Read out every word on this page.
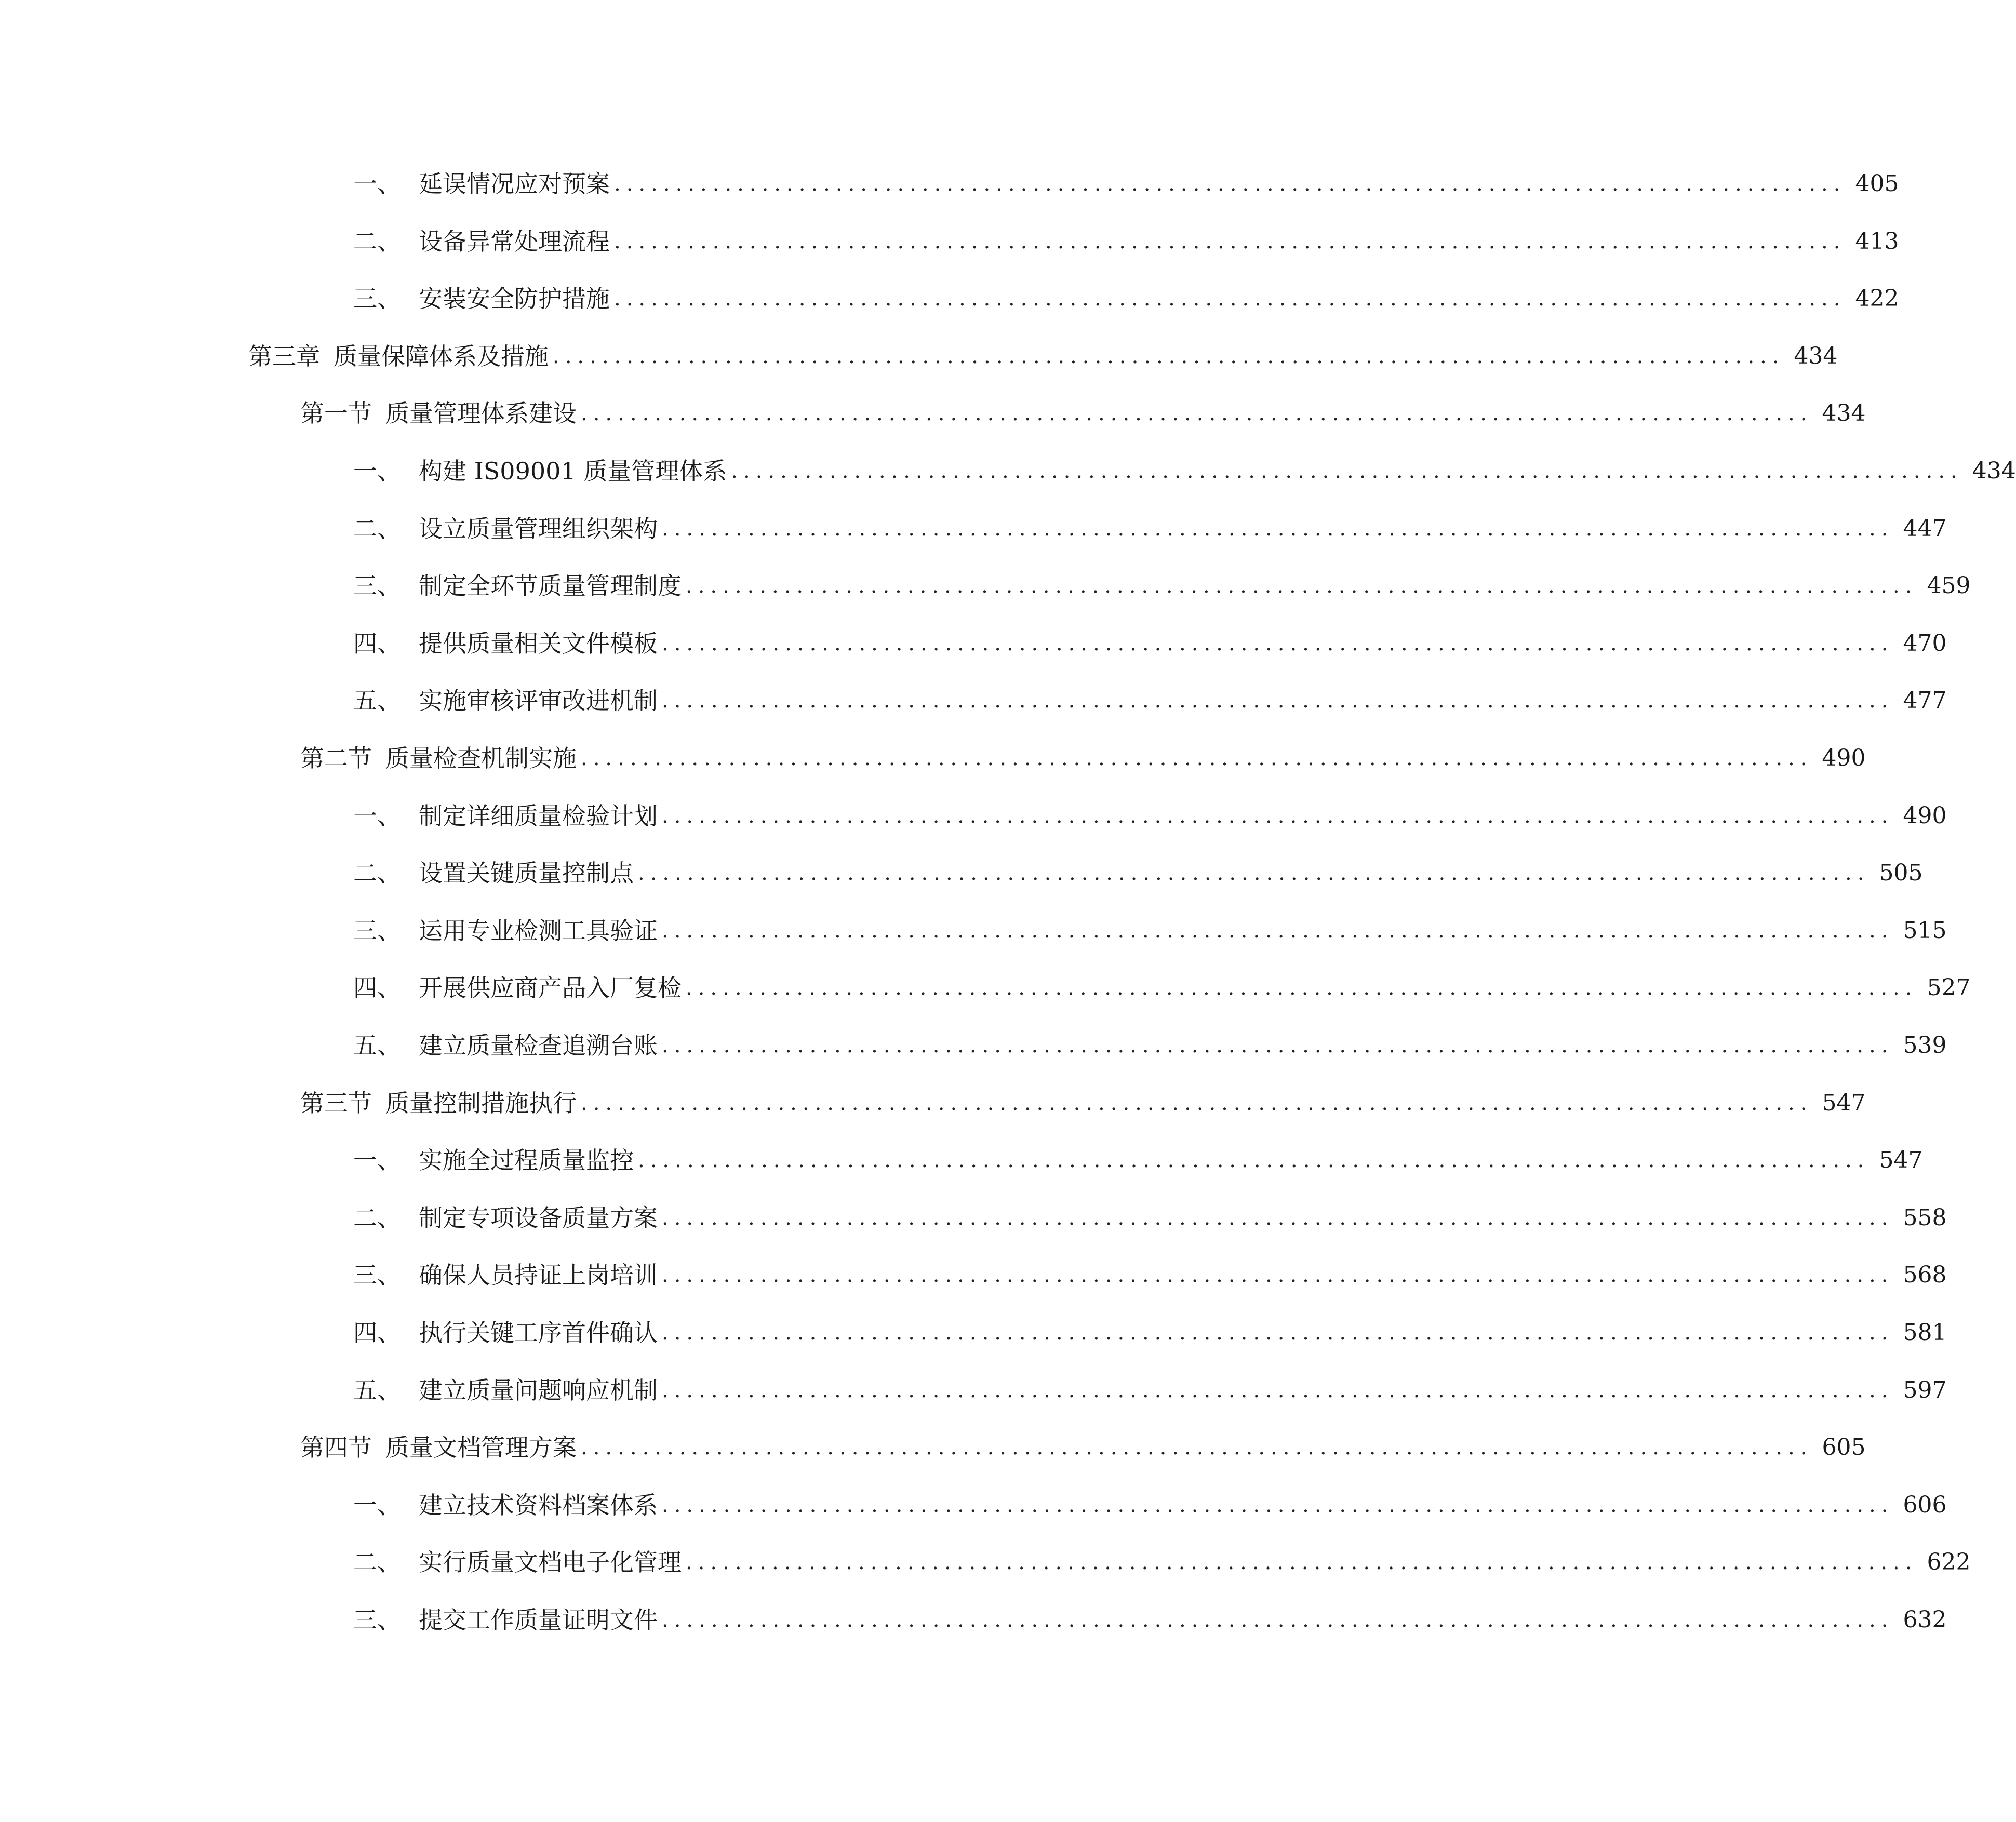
一、 延误情况应对预案 .................................................................................................... 405
二、 设备异常处理流程 .................................................................................................... 413
三、 安装安全防护措施 .................................................................................................... 422
第三章 质量保障体系及措施 .................................................................................................... 434
第一节 质量管理体系建设 .................................................................................................... 434
一、 构建 IS09001 质量管理体系 .................................................................................................... 434
二、 设立质量管理组织架构 .................................................................................................... 447
三、 制定全环节质量管理制度 .................................................................................................... 459
四、 提供质量相关文件模板 .................................................................................................... 470
五、 实施审核评审改进机制 .................................................................................................... 477
第二节 质量检查机制实施 .................................................................................................... 490
一、 制定详细质量检验计划 .................................................................................................... 490
二、 设置关键质量控制点 .................................................................................................... 505
三、 运用专业检测工具验证 .................................................................................................... 515
四、 开展供应商产品入厂复检 .................................................................................................... 527
五、 建立质量检查追溯台账 .................................................................................................... 539
第三节 质量控制措施执行 .................................................................................................... 547
一、 实施全过程质量监控 .................................................................................................... 547
二、 制定专项设备质量方案 .................................................................................................... 558
三、 确保人员持证上岗培训 .................................................................................................... 568
四、 执行关键工序首件确认 .................................................................................................... 581
五、 建立质量问题响应机制 .................................................................................................... 597
第四节 质量文档管理方案 .................................................................................................... 605
一、 建立技术资料档案体系 .................................................................................................... 606
二、 实行质量文档电子化管理 .................................................................................................... 622
三、 提交工作质量证明文件 .................................................................................................... 632
